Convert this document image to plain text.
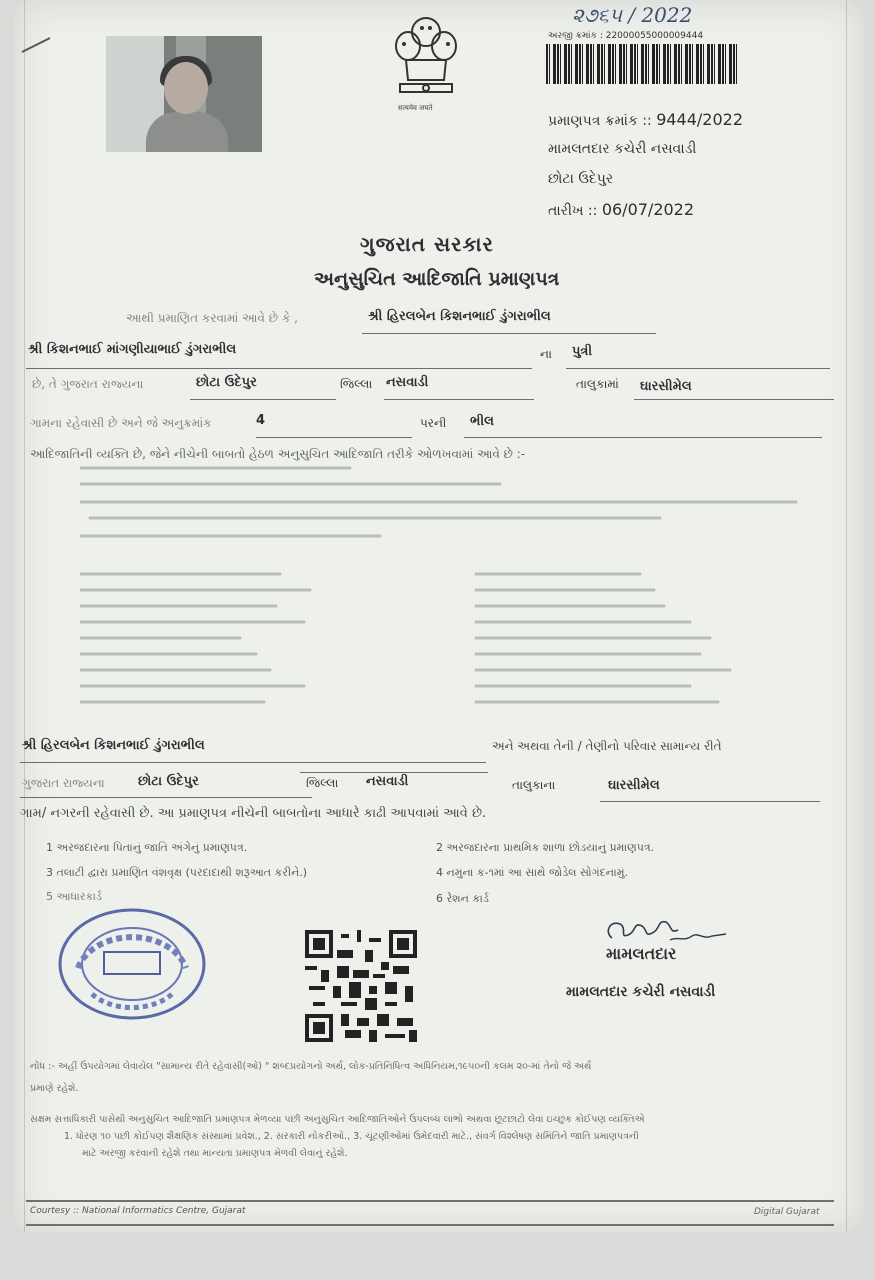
૨૭૬૫ / 2022
અરજી ક્રમાંક : 22000055000009444
सत्यमेव जयते
પ્રમાણપત્ર ક્રમાંક :: 9444/2022
મામલતદાર કચેરી નસવાડી
છોટા ઉદેપુર
તારીખ :: 06/07/2022
ગુજરાત સરકાર
અનુસુચિત આદિજાતિ પ્રમાણપત્ર
આથી પ્રમાણિત કરવામાં આવે છે કે ,	શ્રી હિરલબેન કિશનભાઈ ડુંગરાભીલ
શ્રી કિશનભાઈ માંગણીયાભાઈ ડુંગરાભીલ	ના પુત્રી
છે, તે ગુજરાત રાજ્યના	છોટા ઉદેપુર	જિલ્લા નસવાડી	તાલુકામાં ઘારસીમેલ
ગામના રહેવાસી છે અને જે અનુક્રમાંક	4	પરની ભીલ
આદિજાતિની વ્યક્તિ છે, જેને નીચેની બાબતો હેઠળ અનુસુચિત આદિજાતિ તરીકે ઓળખવામાં આવે છે :-
શ્રી હિરલબેન કિશનભાઈ ડુંગરાભીલ	અને અથવા તેની / તેણીનો પરિવાર સામાન્ય રીતે
ગુજરાત રાજ્યના	છોટા ઉદેપુર	જિલ્લા નસવાડી	તાલુકાના	ઘારસીમેલ
ગામ/ નગરની રહેવાસી છે. આ પ્રમાણપત્ર નીચેની બાબતોના આધારે કાઢી આપવામાં આવે છે.
1 અરજદારના પિતાનું જાતિ અંગેનું પ્રમાણપત્ર.	2 અરજદારના પ્રાથમિક શાળા છોડયાનું પ્રમાણપત્ર.
3 તલાટી દ્વારા પ્રમાણિત વંશવૃક્ષ (પરદાદાથી શરૂઆત કરીને.)	4 નમુના ક-૧માં આ સાથે જોડેલ સોગંદનામું.
5 આધારકાર્ડ	6 રેશન કાર્ડ
મામલતદાર
મામલતદાર કચેરી નસવાડી
નોંધ :- અહીં ઉપયોગમાં લેવાયેલ "સામાન્ય રીતે રહેવાસી(ઓ) " શબ્દપ્રયોગનો અર્થ, લોક-પ્રતિનિધિત્વ અધિનિયમ,૧૯૫૦ની કલમ ૨૦-માં તેનો જે અર્થ
પ્રમાણે રહેશે.
સક્ષમ સત્તાધિકારી પાસેથી અનુસુચિત આદિજાતિ પ્રમાણપત્ર મેળવ્યા પછી અનુસુચિત આદિજાતિઓને ઉપલબ્ધ લાભો અથવા છૂટછાટો લેવા ઇચ્છુક કોઈપણ વ્યક્તિએ
1. ધોરણ ૧૦ પછી કોઈપણ શૈક્ષણિક સંસ્થામાં પ્રવેશ., 2. સરકારી નોકરીઓ., 3. ચૂંટણીઓમાં ઉમેદવારી માટે., સંવર્ગ વિશ્લેષણ સમિતિને જાતિ પ્રમાણપત્રની
માટે અરજી કરવાની રહેશે તથા માન્યતા પ્રમાણપત્ર મેળવી લેવાનું રહેશે.
Courtesy :: National Informatics Centre, Gujarat	Digital Gujarat
